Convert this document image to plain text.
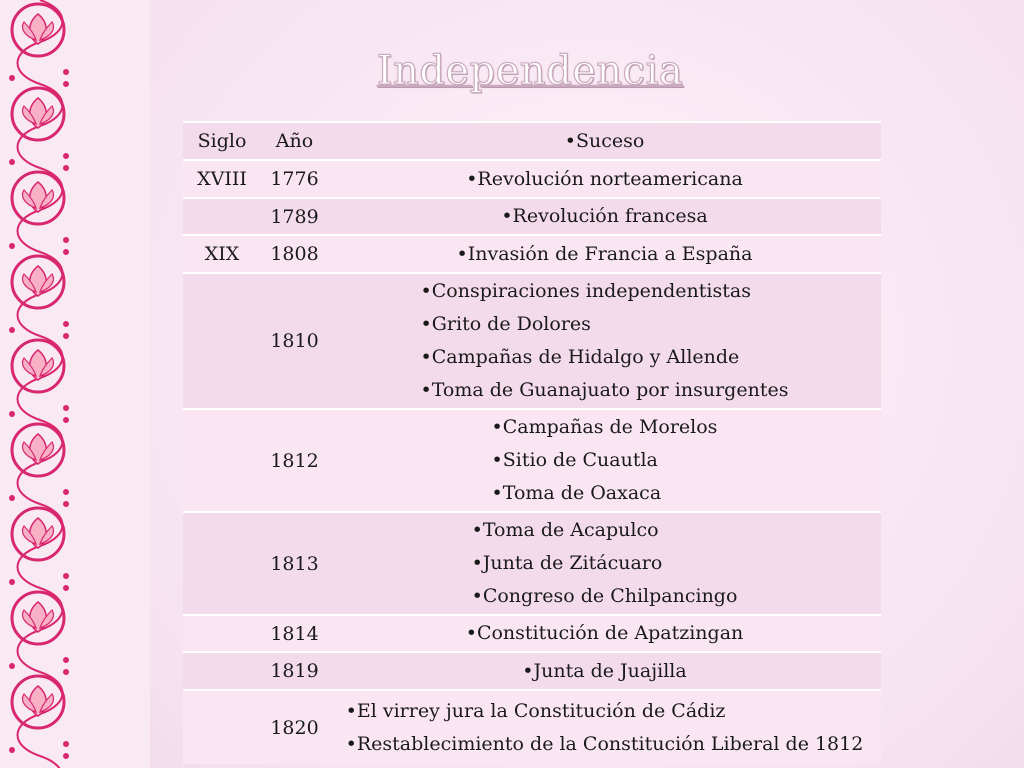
Independencia
Siglo	Año	• Suceso

XVIII	1776	• Revolución norteamericana

	1789	• Revolución francesa

XIX	1808	• Invasión de Francia a España

	1810	• Conspiraciones independentistas
• Grito de Dolores
• Campañas de Hidalgo y Allende
• Toma de Guanajuato por insurgentes

	1812	• Campañas de Morelos
• Sitio de Cuautla
• Toma de Oaxaca

	1813	• Toma de Acapulco
• Junta de Zitácuaro
• Congreso de Chilpancingo

	1814	• Constitución de Apatzingan

	1819	• Junta de Juajilla

	1820	• El virrey jura la Constitución de Cádiz
• Restablecimiento de la Constitución Liberal de 1812
